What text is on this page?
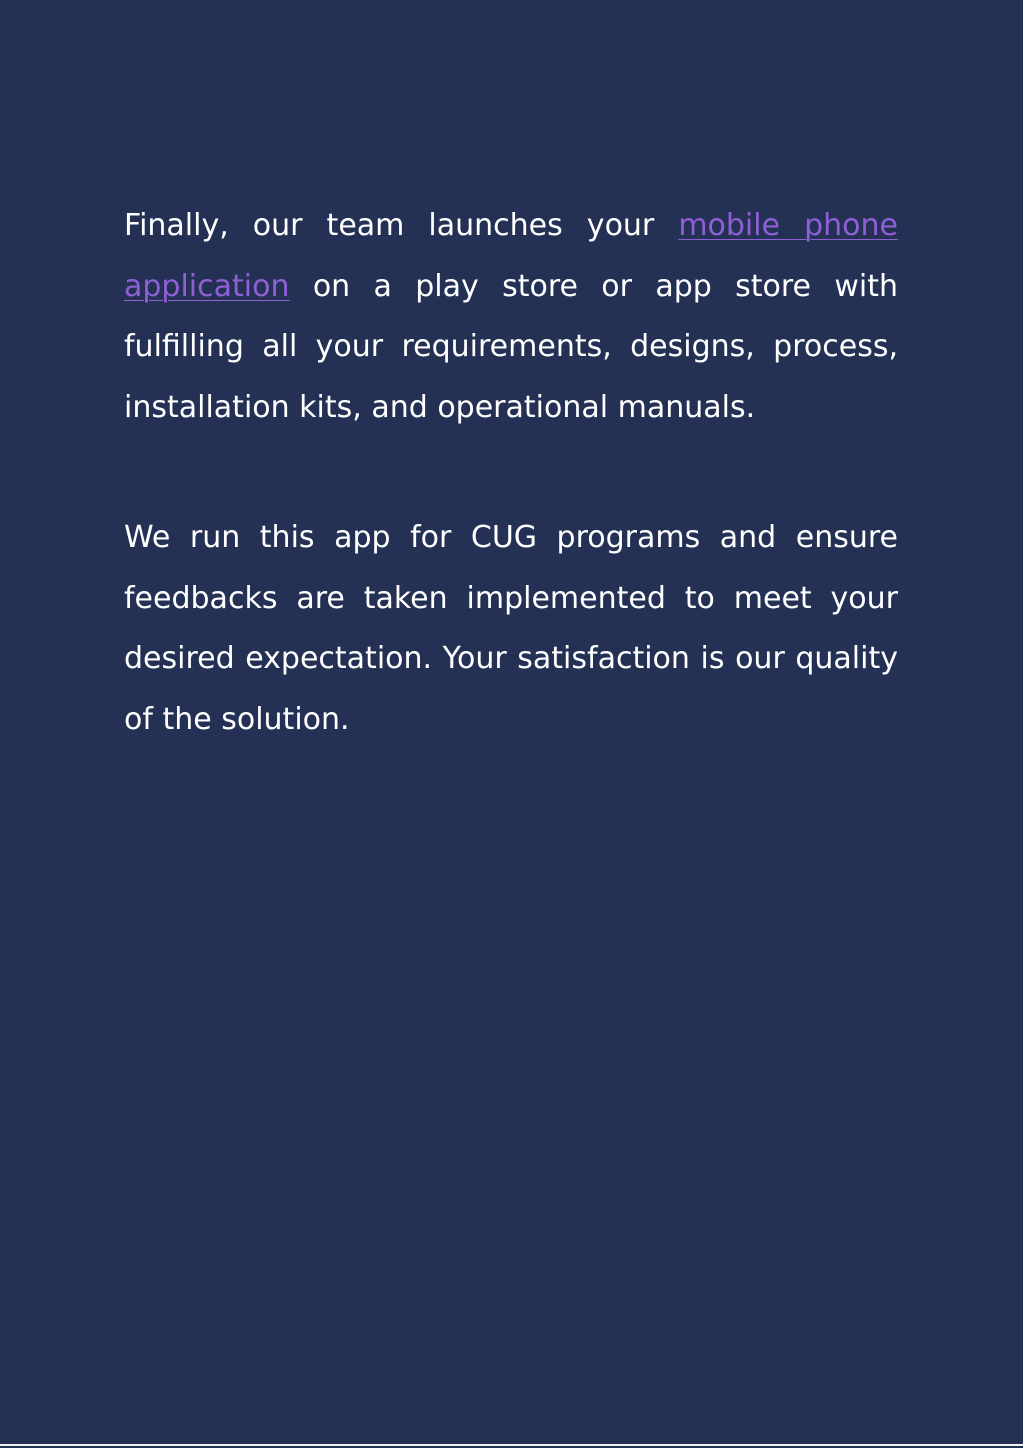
Finally, our team launches your mobile phone application on a play store or app store with fulfilling all your requirements, designs, process, installation kits, and operational manuals.

We run this app for CUG programs and ensure feedbacks are taken implemented to meet your desired expectation. Your satisfaction is our quality of the solution.
